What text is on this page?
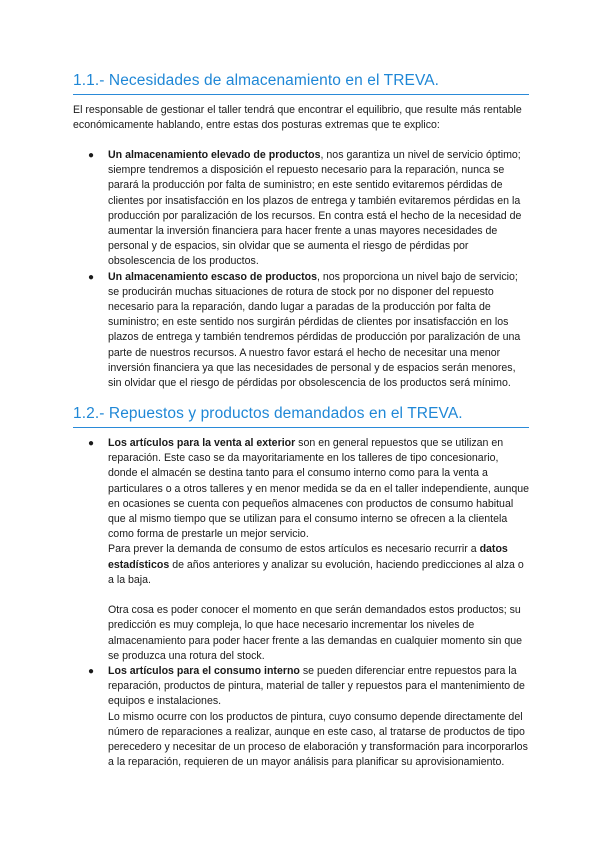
1.1.- Necesidades de almacenamiento en el TREVA.

El responsable de gestionar el taller tendrá que encontrar el equilibrio, que resulte más rentable económicamente hablando, entre estas dos posturas extremas que te explico:

● Un almacenamiento elevado de productos, nos garantiza un nivel de servicio óptimo; siempre tendremos a disposición el repuesto necesario para la reparación, nunca se parará la producción por falta de suministro; en este sentido evitaremos pérdidas de clientes por insatisfacción en los plazos de entrega y también evitaremos pérdidas en la producción por paralización de los recursos. En contra está el hecho de la necesidad de aumentar la inversión financiera para hacer frente a unas mayores necesidades de personal y de espacios, sin olvidar que se aumenta el riesgo de pérdidas por obsolescencia de los productos.

● Un almacenamiento escaso de productos, nos proporciona un nivel bajo de servicio; se producirán muchas situaciones de rotura de stock por no disponer del repuesto necesario para la reparación, dando lugar a paradas de la producción por falta de suministro; en este sentido nos surgirán pérdidas de clientes por insatisfacción en los plazos de entrega y también tendremos pérdidas de producción por paralización de una parte de nuestros recursos. A nuestro favor estará el hecho de necesitar una menor inversión financiera ya que las necesidades de personal y de espacios serán menores, sin olvidar que el riesgo de pérdidas por obsolescencia de los productos será mínimo.

1.2.- Repuestos y productos demandados en el TREVA.
● Los artículos para la venta al exterior son en general repuestos que se utilizan en reparación. Este caso se da mayoritariamente en los talleres de tipo concesionario, donde el almacén se destina tanto para el consumo interno como para la venta a particulares o a otros talleres y en menor medida se da en el taller independiente, aunque en ocasiones se cuenta con pequeños almacenes con productos de consumo habitual que al mismo tiempo que se utilizan para el consumo interno se ofrecen a la clientela como forma de prestarle un mejor servicio.

Para prever la demanda de consumo de estos artículos es necesario recurrir a datos estadísticos de años anteriores y analizar su evolución, haciendo predicciones al alza o a la baja.

Otra cosa es poder conocer el momento en que serán demandados estos productos; su predicción es muy compleja, lo que hace necesario incrementar los niveles de almacenamiento para poder hacer frente a las demandas en cualquier momento sin que se produzca una rotura del stock.

● Los artículos para el consumo interno se pueden diferenciar entre repuestos para la reparación, productos de pintura, material de taller y repuestos para el mantenimiento de equipos e instalaciones.

Lo mismo ocurre con los productos de pintura, cuyo consumo depende directamente del número de reparaciones a realizar, aunque en este caso, al tratarse de productos de tipo perecedero y necesitar de un proceso de elaboración y transformación para incorporarlos a la reparación, requieren de un mayor análisis para planificar su aprovisionamiento.
